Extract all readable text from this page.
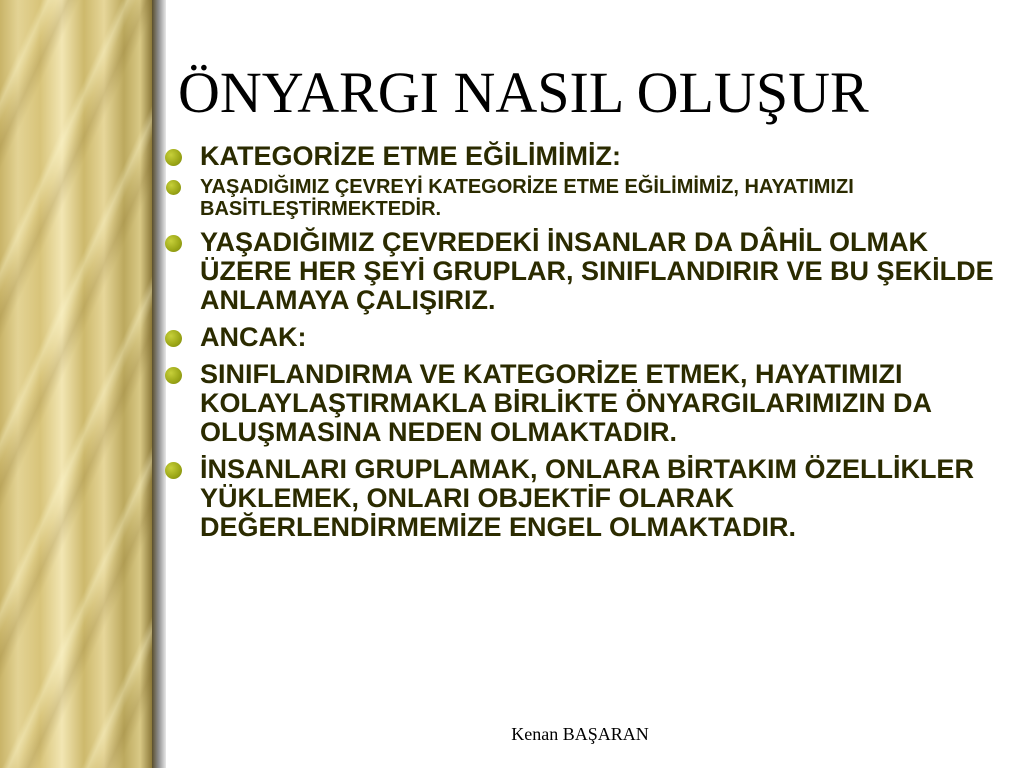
ÖNYARGI NASIL OLUŞUR
KATEGORİZE ETME EĞİLİMİMİZ:
YAŞADIĞIMIZ ÇEVREYİ KATEGORİZE ETME EĞİLİMİMİZ, HAYATIMIZI BASİTLEŞTİRMEKTEDİR.
YAŞADIĞIMIZ ÇEVREDEKİ İNSANLAR DA DÂHİL OLMAK ÜZERE HER ŞEYİ GRUPLAR, SINIFLANDIRIR VE BU ŞEKİLDE ANLAMAYA ÇALIŞIRIZ.
ANCAK:
SINIFLANDIRMA VE KATEGORİZE ETMEK, HAYATIMIZI KOLAYLAŞTIRMAKLA BİRLİKTE ÖNYARGILARIMIZIN DA OLUŞMASINA NEDEN OLMAKTADIR.
İNSANLARI GRUPLAMAK, ONLARA BİRTAKIM ÖZELLİKLER YÜKLEMEK, ONLARI OBJEKTİF OLARAK DEĞERLENDİRMEMİZE ENGEL OLMAKTADIR.
Kenan BAŞARAN
